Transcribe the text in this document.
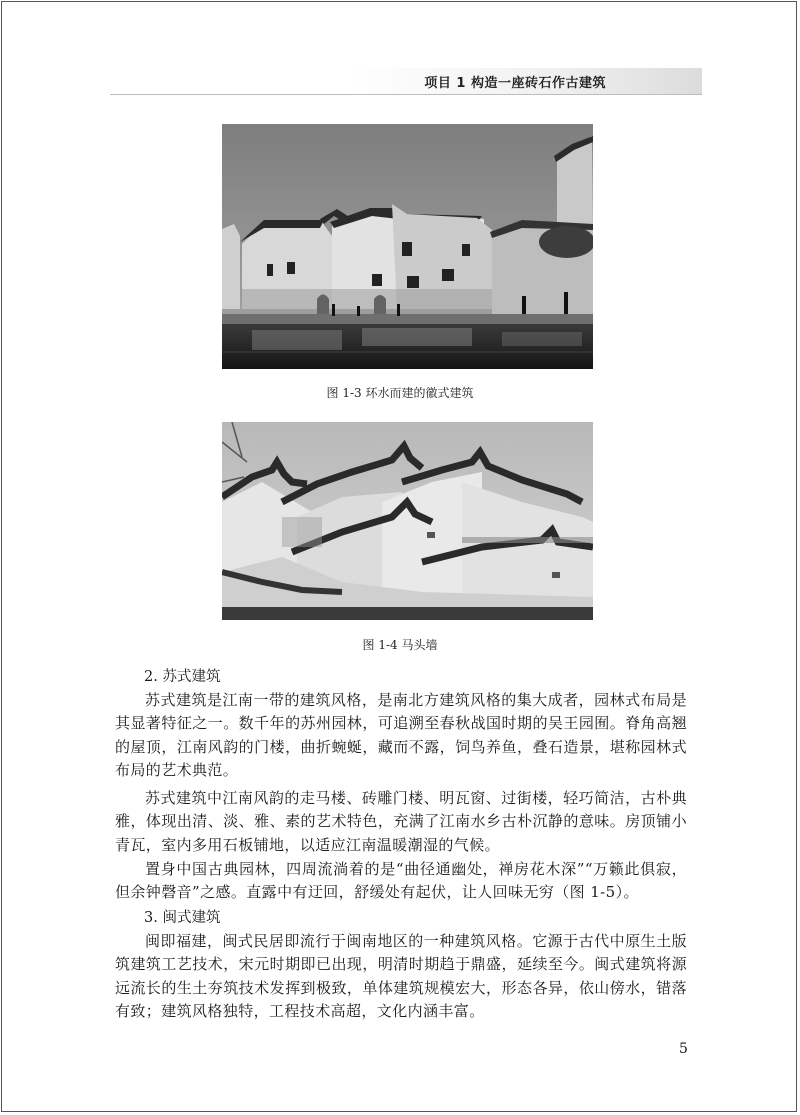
项目 1 构造一座砖石作古建筑
图 1-3 环水而建的徽式建筑
图 1-4 马头墙
2. 苏式建筑

苏式建筑是江南一带的建筑风格，是南北方建筑风格的集大成者，园林式布局是其显著特征之一。数千年的苏州园林，可追溯至春秋战国时期的吴王园囿。脊角高翘的屋顶，江南风韵的门楼，曲折蜿蜒，藏而不露，饲鸟养鱼，叠石造景，堪称园林式布局的艺术典范。

苏式建筑中江南风韵的走马楼、砖雕门楼、明瓦窗、过街楼，轻巧简洁，古朴典雅，体现出清、淡、雅、素的艺术特色，充满了江南水乡古朴沉静的意味。房顶铺小青瓦，室内多用石板铺地，以适应江南温暖潮湿的气候。

置身中国古典园林，四周流淌着的是“曲径通幽处，禅房花木深”“万籁此俱寂，但余钟磬音”之感。直露中有迂回，舒缓处有起伏，让人回味无穷（图 1-5）。

3. 闽式建筑

闽即福建，闽式民居即流行于闽南地区的一种建筑风格。它源于古代中原生土版筑建筑工艺技术，宋元时期即已出现，明清时期趋于鼎盛，延续至今。闽式建筑将源远流长的生土夯筑技术发挥到极致，单体建筑规模宏大，形态各异，依山傍水，错落有致；建筑风格独特，工程技术高超，文化内涵丰富。

5
